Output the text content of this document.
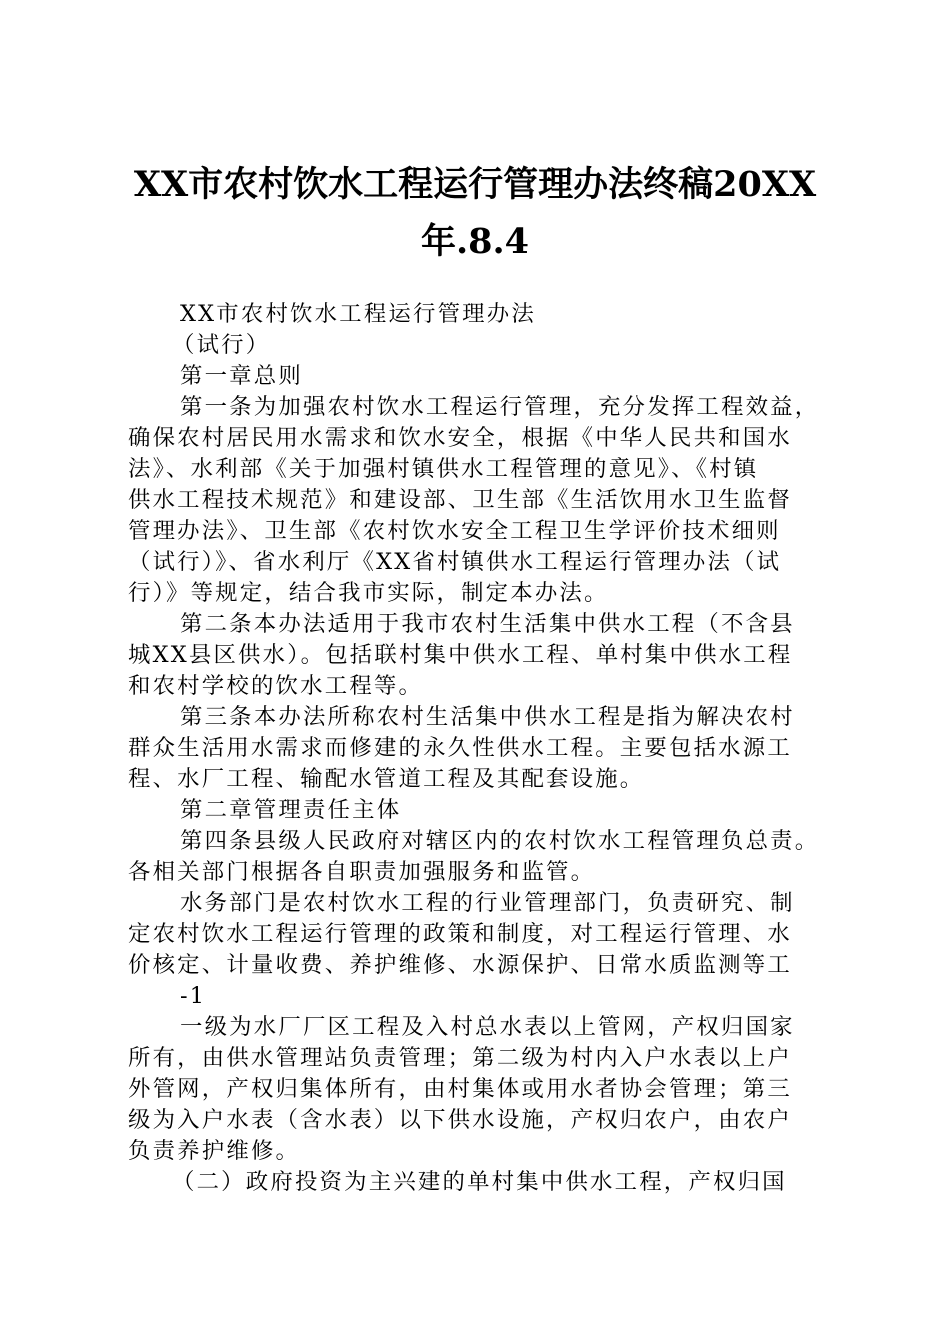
XX市农村饮水工程运行管理办法终稿20XX
年.8.4
XX市农村饮水工程运行管理办法
（试行）
第一章总则
第一条为加强农村饮水工程运行管理，充分发挥工程效益，
确保农村居民用水需求和饮水安全，根据《中华人民共和国水
法》、水利部《关于加强村镇供水工程管理的意见》、《村镇
供水工程技术规范》和建设部、卫生部《生活饮用水卫生监督
管理办法》、卫生部《农村饮水安全工程卫生学评价技术细则
（试行）》、省水利厅《XX省村镇供水工程运行管理办法（试
行）》等规定，结合我市实际，制定本办法。
第二条本办法适用于我市农村生活集中供水工程（不含县
城XX县区供水）。包括联村集中供水工程、单村集中供水工程
和农村学校的饮水工程等。
第三条本办法所称农村生活集中供水工程是指为解决农村
群众生活用水需求而修建的永久性供水工程。主要包括水源工
程、水厂工程、输配水管道工程及其配套设施。
第二章管理责任主体
第四条县级人民政府对辖区内的农村饮水工程管理负总责。
各相关部门根据各自职责加强服务和监管。
水务部门是农村饮水工程的行业管理部门，负责研究、制
定农村饮水工程运行管理的政策和制度，对工程运行管理、水
价核定、计量收费、养护维修、水源保护、日常水质监测等工
-1
一级为水厂厂区工程及入村总水表以上管网，产权归国家
所有，由供水管理站负责管理；第二级为村内入户水表以上户
外管网，产权归集体所有，由村集体或用水者协会管理；第三
级为入户水表（含水表）以下供水设施，产权归农户，由农户
负责养护维修。
（二）政府投资为主兴建的单村集中供水工程，产权归国
